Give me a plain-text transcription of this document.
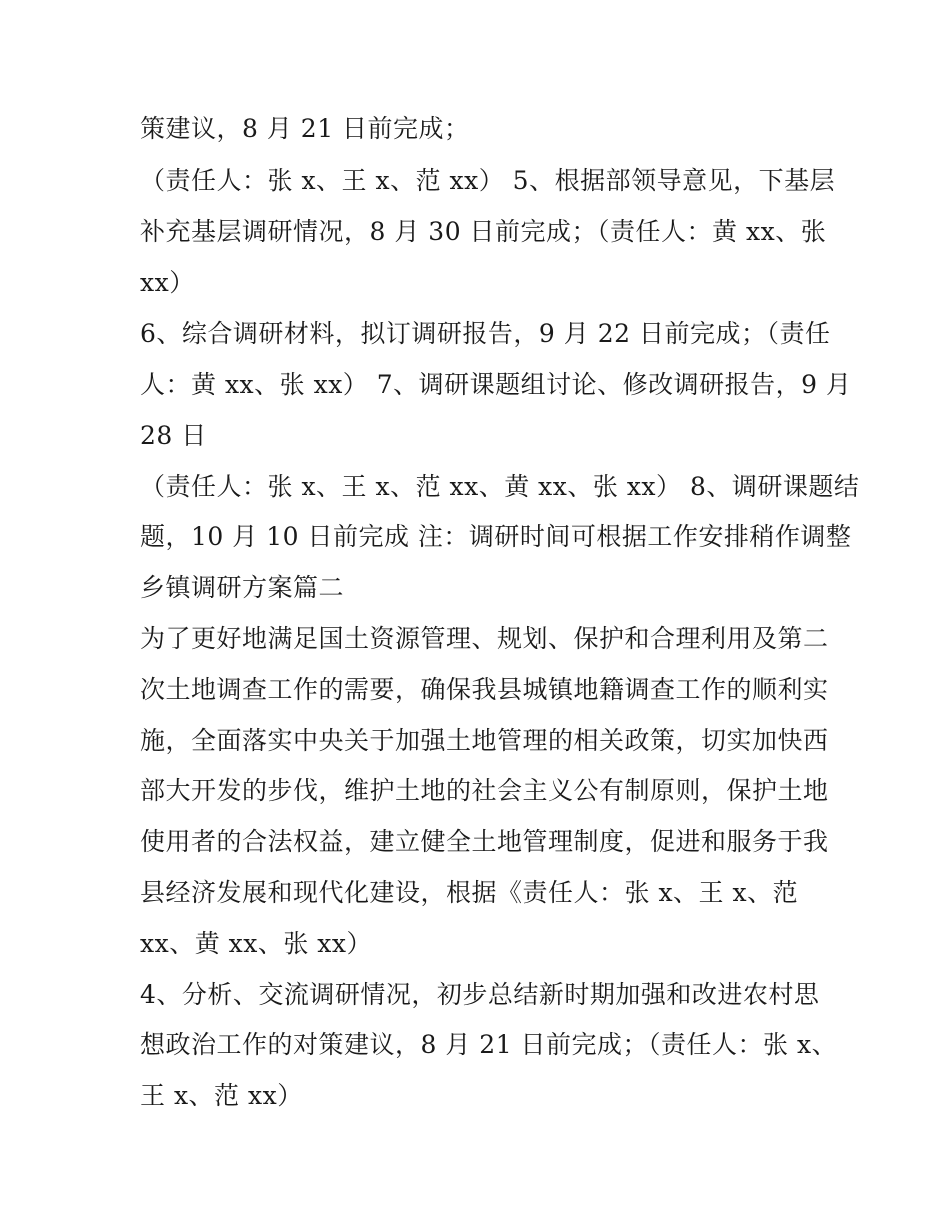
策建议，8 月 21 日前完成；
（责任人：张 x、王 x、范 xx） 5、根据部领导意见，下基层
补充基层调研情况，8 月 30 日前完成；（责任人：黄 xx、张
xx）
6、综合调研材料，拟订调研报告，9 月 22 日前完成；（责任
人：黄 xx、张 xx） 7、调研课题组讨论、修改调研报告，9 月
28 日
（责任人：张 x、王 x、范 xx、黄 xx、张 xx） 8、调研课题结
题，10 月 10 日前完成 注：调研时间可根据工作安排稍作调整
乡镇调研方案篇二
为了更好地满足国土资源管理、规划、保护和合理利用及第二
次土地调查工作的需要，确保我县城镇地籍调查工作的顺利实
施，全面落实中央关于加强土地管理的相关政策，切实加快西
部大开发的步伐，维护土地的社会主义公有制原则，保护土地
使用者的合法权益，建立健全土地管理制度，促进和服务于我
县经济发展和现代化建设，根据《责任人：张 x、王 x、范
xx、黄 xx、张 xx）
4、分析、交流调研情况，初步总结新时期加强和改进农村思
想政治工作的对策建议，8 月 21 日前完成；（责任人：张 x、
王 x、范 xx）
